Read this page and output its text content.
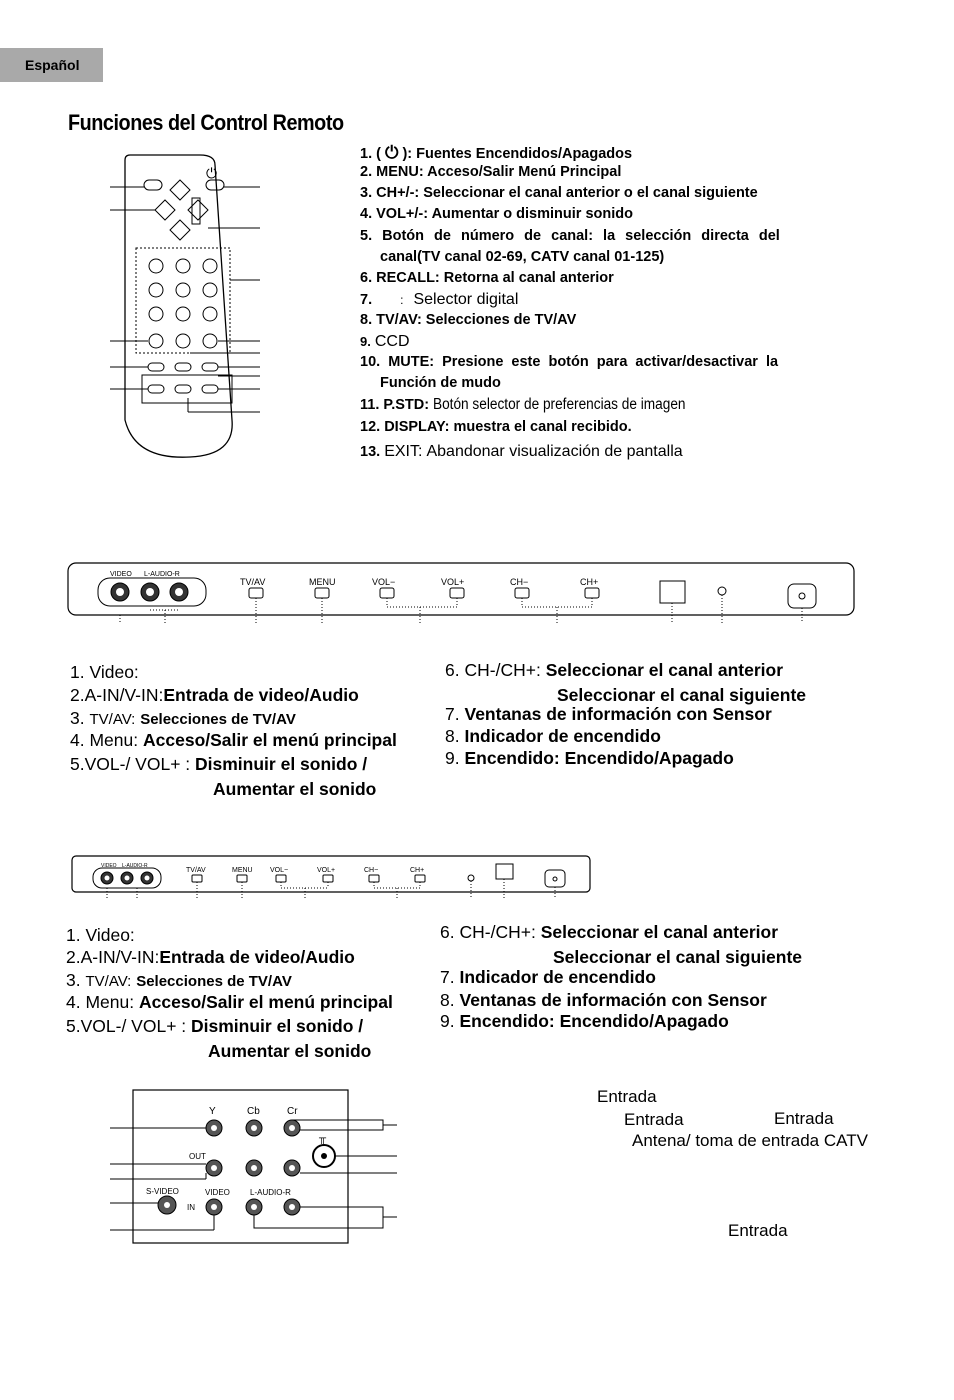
Español
Funciones del Control Remoto
⏻
1. ( ⏻ ): Fuentes Encendidos/Apagados
2. MENU: Acceso/Salir Menú Principal
3. CH+/-: Seleccionar el canal anterior o el canal siguiente
4. VOL+/-: Aumentar o disminuir sonido
5. Botón de número de canal: la selección directa del
canal(TV canal 02-69, CATV canal 01-125)
6. RECALL: Retorna al canal anterior
7. : Selector digital
8. TV/AV: Selecciones de TV/AV
9. CCD
10. MUTE: Presione este botón para activar/desactivar la
Función de mudo
11. P.STD: Botón selector de preferencias de imagen
12. DISPLAY: muestra el canal recibido.
13. EXIT: Abandonar visualización de pantalla
VIDEO L-AUDIO-R
TV/AV	MENU	VOL−	VOL+	CH−	CH+
1. Video:
2.A-IN/V-IN:Entrada de video/Audio
3. TV/AV: Selecciones de TV/AV
4. Menu: Acceso/Salir el menú principal
5.VOL-/ VOL+ : Disminuir el sonido /
Aumentar el sonido
6. CH-/CH+: Seleccionar el canal anterior
Seleccionar el canal siguiente
7. Ventanas de información con Sensor
8. Indicador de encendido
9. Encendido: Encendido/Apagado
VIDEO L-AUDIO-R
TV/AV	MENU VOL−	VOL+	CH−	CH+
1. Video:
2.A-IN/V-IN:Entrada de video/Audio
3. TV/AV: Selecciones de TV/AV
4. Menu: Acceso/Salir el menú principal
5.VOL-/ VOL+ : Disminuir el sonido /
Aumentar el sonido
6. CH-/CH+: Seleccionar el canal anterior
Seleccionar el canal siguiente
7. Indicador de encendido
8. Ventanas de información con Sensor
9. Encendido: Encendido/Apagado
Y	Cb	Cr
OUT
S-VIDEO	VIDEO	L-AUDIO-R
IN
╥
Entrada
Entrada	Entrada
Antena/ toma de entrada CATV
Entrada
